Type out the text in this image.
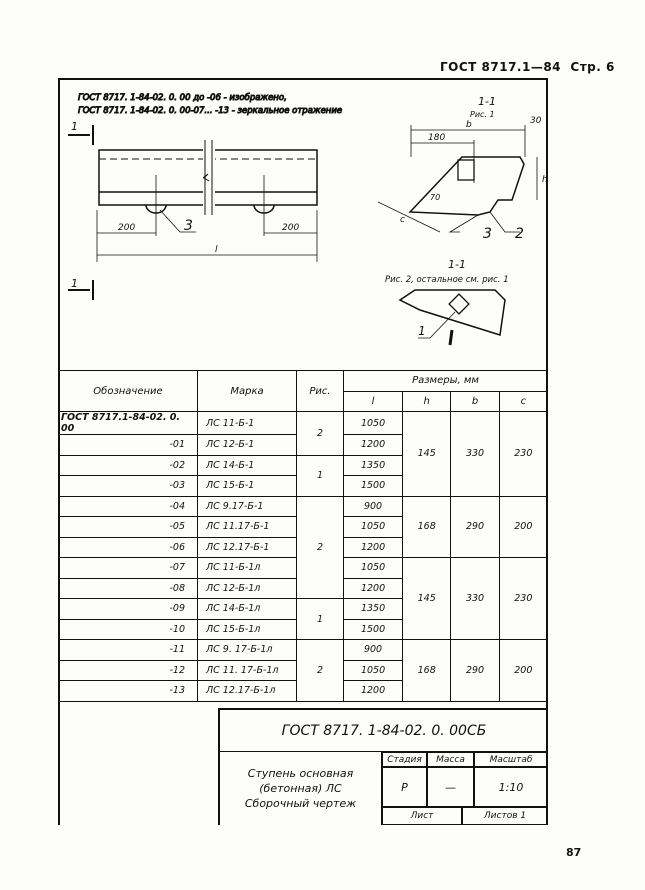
ГОСТ 8717.1—84 Стр. 6
ГОСТ 8717. 1-84-02. 0. 00 до -06 - изображено,
ГОСТ 8717. 1-84-02. 0. 00-07... -13 - зеркальное отражение
1
1
200	200
l
3
1-1
Рис. 1
b
180
30
h
c
70
3 2
1-1
Рис. 2, остальное см. рис. 1
1
Обозначение	Марка	Рис.	Размеры, мм			
			l	h	b	c
ГОСТ 8717.1-84-02. 0. 00	ЛС 11-Б-1	2	1050	145	330	230
-01	ЛС 12-Б-1		1200			
-02	ЛС 14-Б-1	1	1350			
-03	ЛС 15-Б-1		1500			
-04	ЛС 9.17-Б-1	2	900	168	290	200
-05	ЛС 11.17-Б-1		1050			
-06	ЛС 12.17-Б-1		1200			
-07	ЛС 11-Б-1л		1050	145	330	230
-08	ЛС 12-Б-1л		1200			
-09	ЛС 14-Б-1л	1	1350			
-10	ЛС 15-Б-1л		1500			
-11	ЛС 9. 17-Б-1л	2	900	168	290	200
-12	ЛС 11. 17-Б-1л		1050			
-13	ЛС 12.17-Б-1л		1200			
ГОСТ 8717. 1-84-02. 0. 00СБ
Ступень основная
(бетонная) ЛС
Сборочный чертеж
Стадия	Масса	Масштаб
Р	—	1:10
Лист	Листов 1
87
